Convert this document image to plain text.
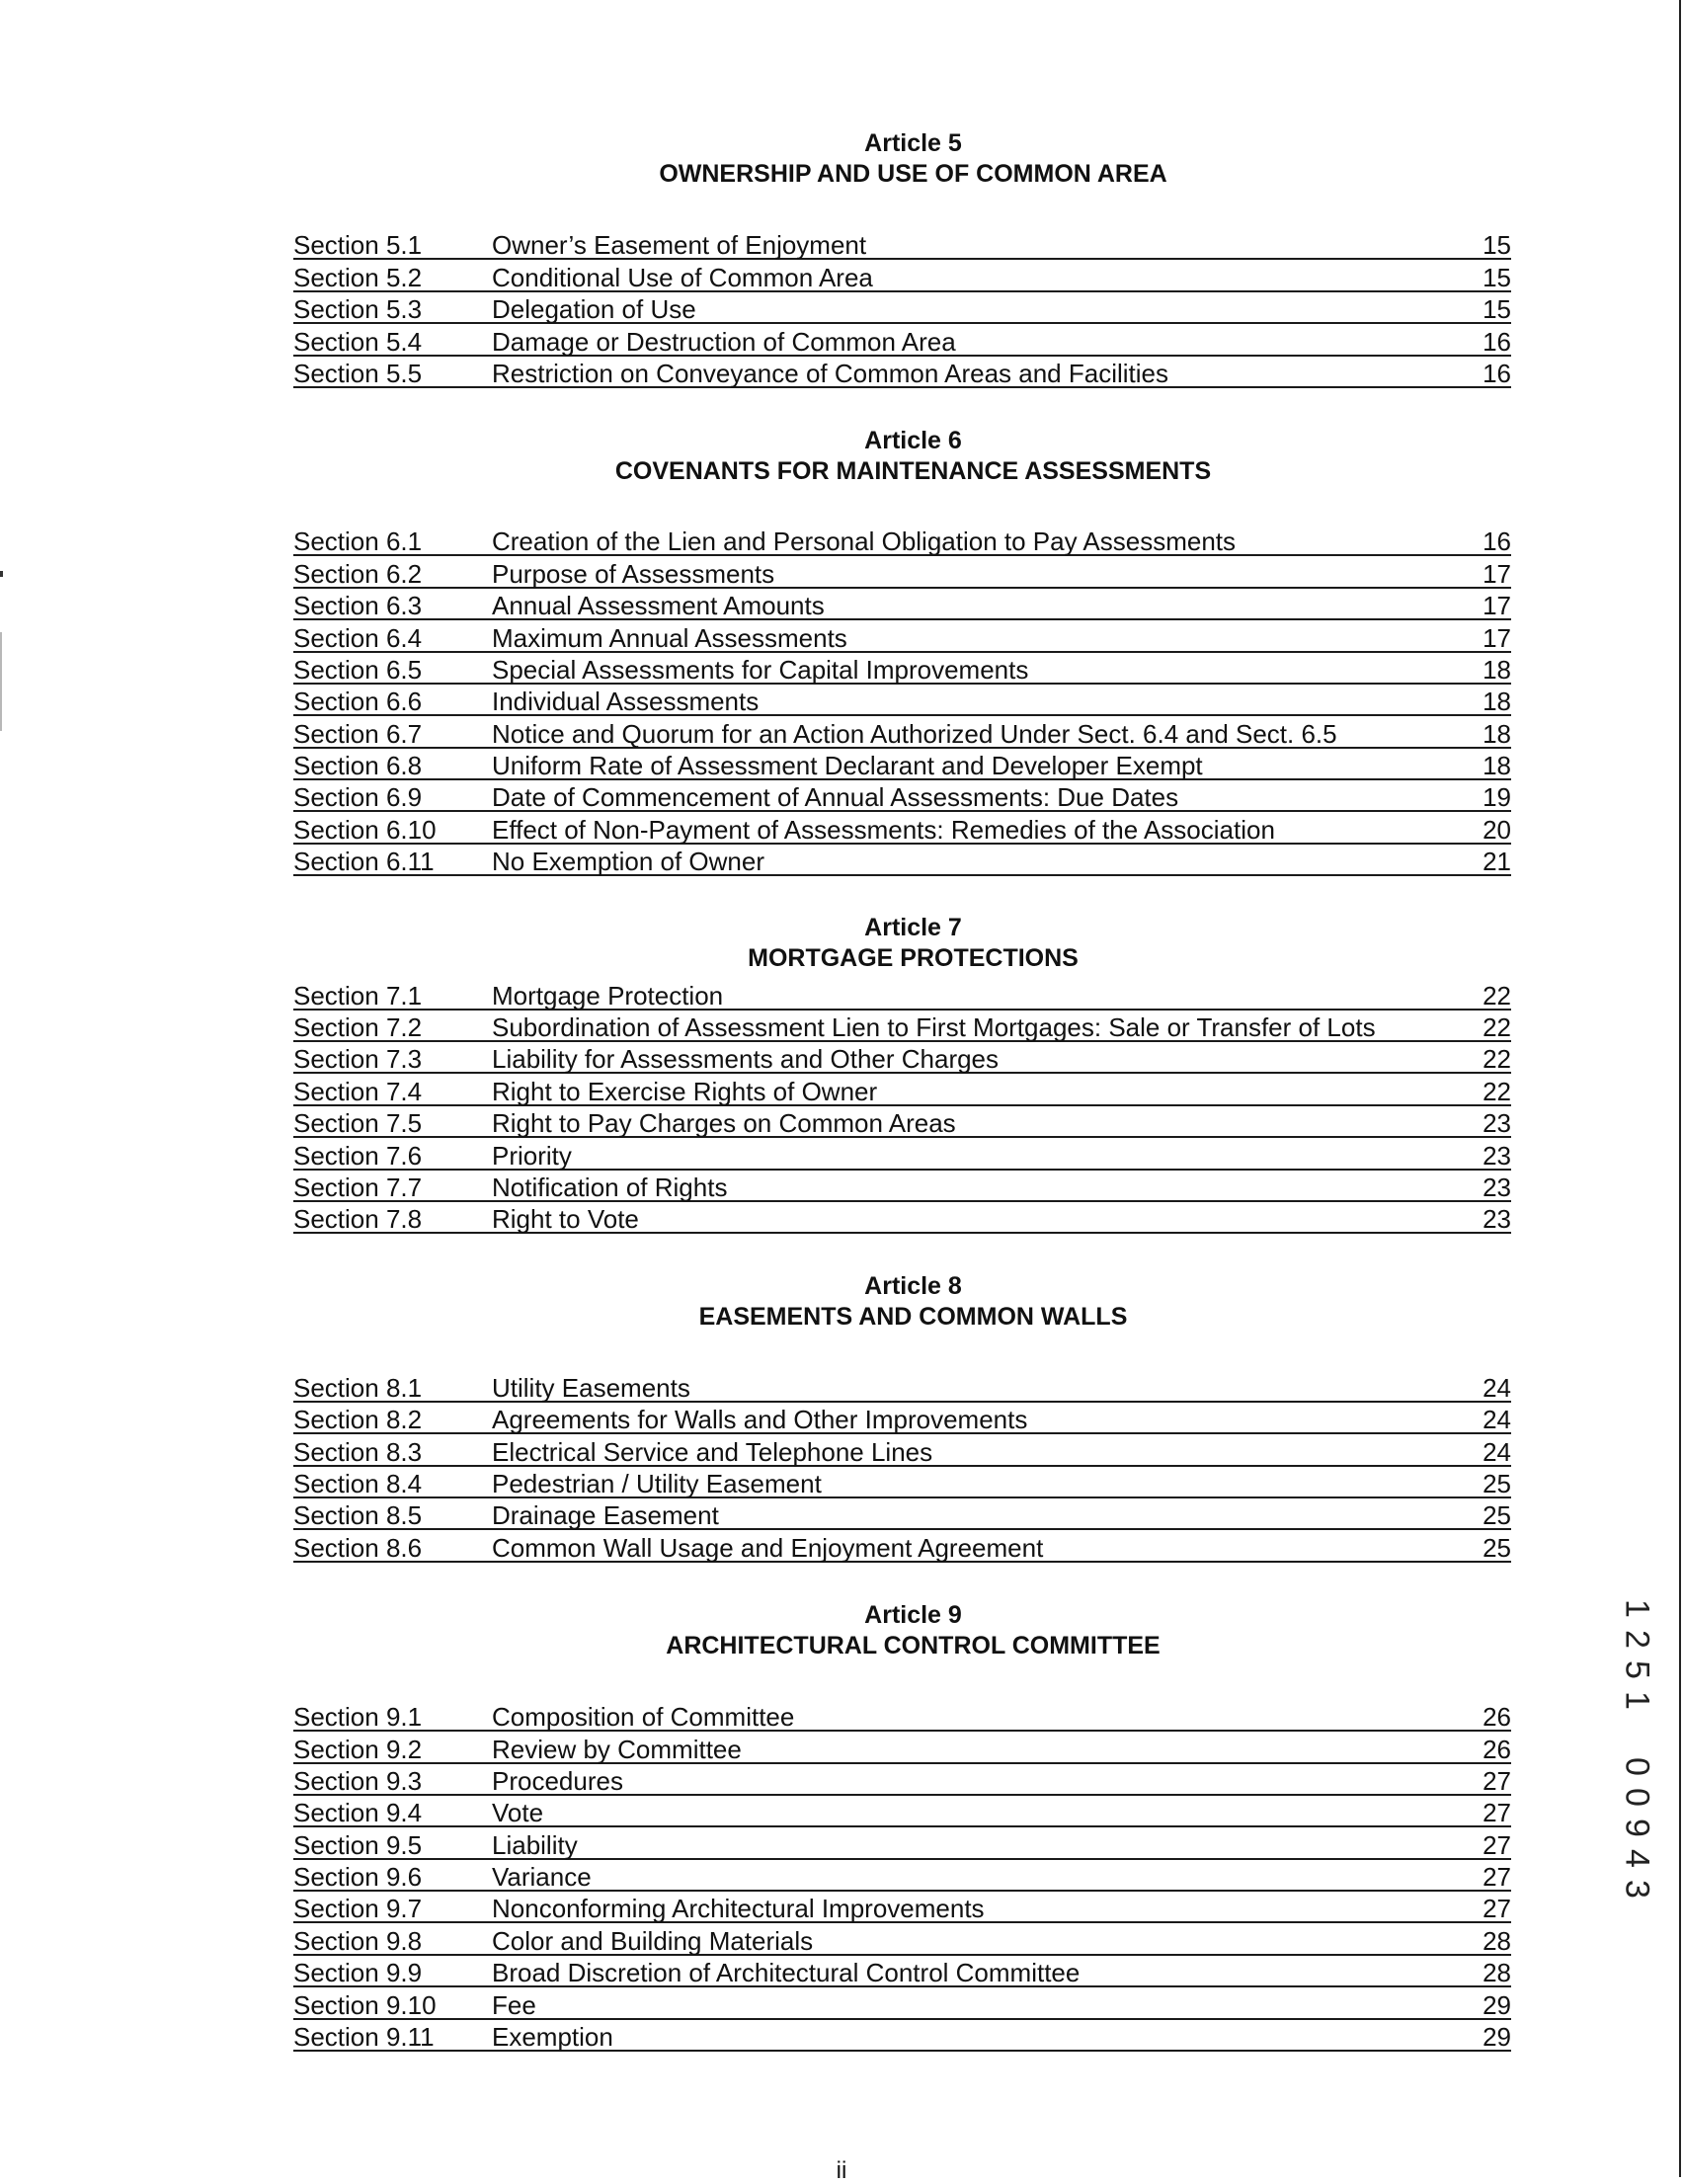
Article 5
OWNERSHIP AND USE OF COMMON AREA
Section 5.1	Owner’s Easement of Enjoyment	15
Section 5.2	Conditional Use of Common Area	15
Section 5.3	Delegation of Use	15
Section 5.4	Damage or Destruction of Common Area	16
Section 5.5	Restriction on Conveyance of Common Areas and Facilities	16
Article 6
COVENANTS FOR MAINTENANCE ASSESSMENTS
Section 6.1	Creation of the Lien and Personal Obligation to Pay Assessments	16
Section 6.2	Purpose of Assessments	17
Section 6.3	Annual Assessment Amounts	17
Section 6.4	Maximum Annual Assessments	17
Section 6.5	Special Assessments for Capital Improvements	18
Section 6.6	Individual Assessments	18
Section 6.7	Notice and Quorum for an Action Authorized Under Sect. 6.4 and Sect. 6.5	18
Section 6.8	Uniform Rate of Assessment Declarant and Developer Exempt	18
Section 6.9	Date of Commencement of Annual Assessments: Due Dates	19
Section 6.10 Effect of Non-Payment of Assessments: Remedies of the Association	20
Section 6.11 No Exemption of Owner	21
Article 7
MORTGAGE PROTECTIONS
Section 7.1	Mortgage Protection	22
Section 7.2	Subordination of Assessment Lien to First Mortgages: Sale or Transfer of Lots	22
Section 7.3	Liability for Assessments and Other Charges	22
Section 7.4	Right to Exercise Rights of Owner	22
Section 7.5	Right to Pay Charges on Common Areas	23
Section 7.6	Priority	23
Section 7.7	Notification of Rights	23
Section 7.8	Right to Vote	23
Article 8
EASEMENTS AND COMMON WALLS
Section 8.1	Utility Easements	24
Section 8.2	Agreements for Walls and Other Improvements	24
Section 8.3	Electrical Service and Telephone Lines	24
Section 8.4	Pedestrian / Utility Easement	25
Section 8.5	Drainage Easement	25
Section 8.6	Common Wall Usage and Enjoyment Agreement	25
Article 9
ARCHITECTURAL CONTROL COMMITTEE
Section 9.1	Composition of Committee	26
Section 9.2	Review by Committee	26
Section 9.3	Procedures	27
Section 9.4	Vote	27
Section 9.5	Liability	27
Section 9.6	Variance	27
Section 9.7	Nonconforming Architectural Improvements	27
Section 9.8	Color and Building Materials	28
Section 9.9	Broad Discretion of Architectural Control Committee	28
Section 9.10 Fee	29
Section 9.11 Exemption	29
1
2
5
1

0
0
9
4
3
ii
